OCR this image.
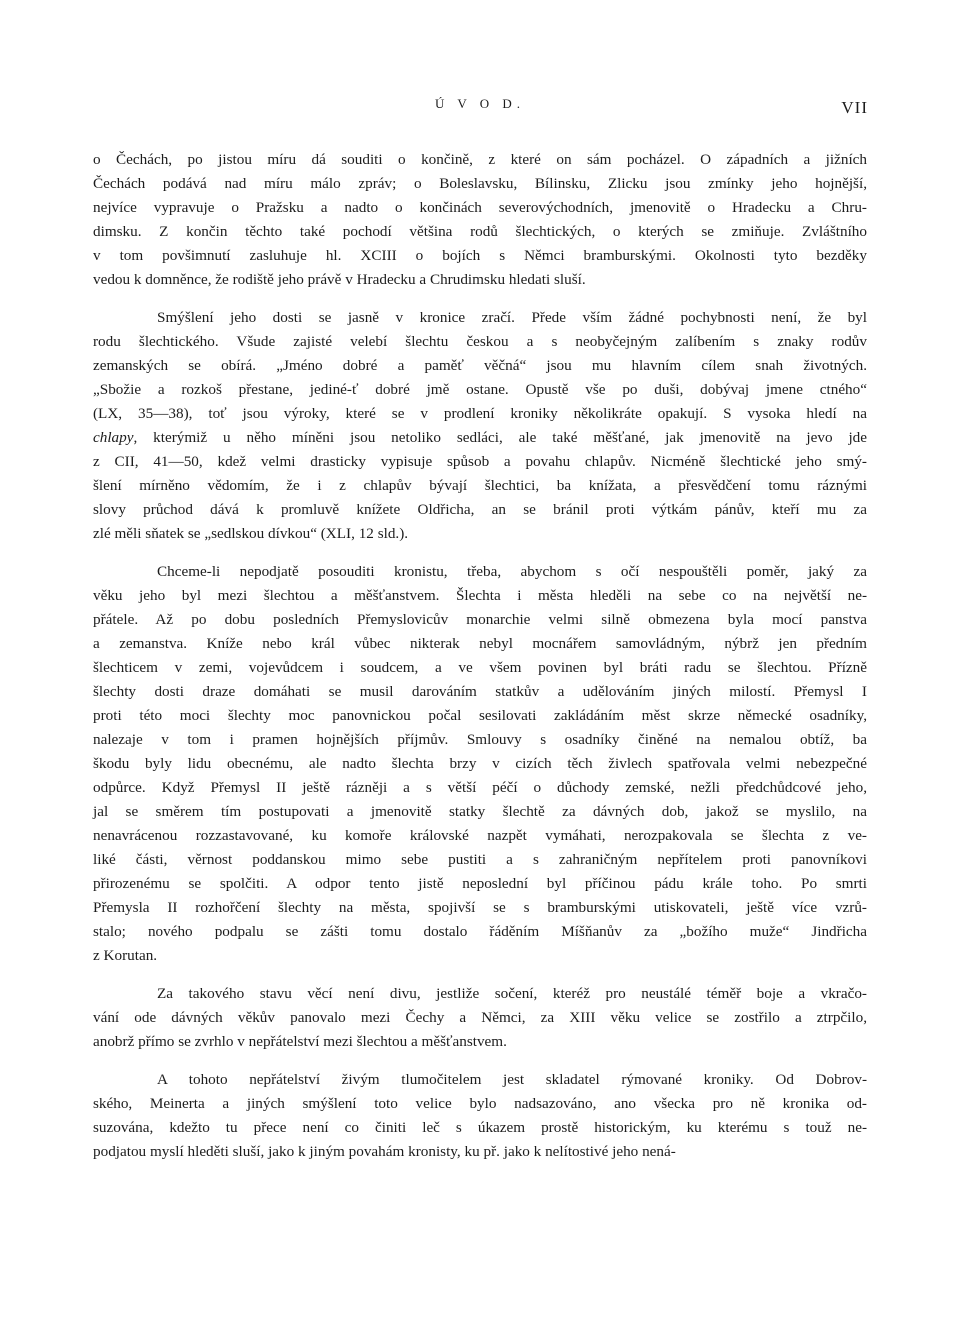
Ú V O D.	VII
o Čechách, po jistou míru dá souditi o končině, z které on sám pocházel. O západních a jižních
Čechách podává nad míru málo zpráv; o Boleslavsku, Bílinsku, Zlicku jsou zmínky jeho hojnější,
nejvíce vypravuje o Pražsku a nadto o končinách severovýchodních, jmenovitě o Hradecku a Chru-
dimsku. Z končin těchto také pochodí většina rodů šlechtických, o kterých se zmiňuje. Zvláštního
v tom povšimnutí zasluhuje hl. XCIII o bojích s Němci bramburskými. Okolnosti tyto bezděky
vedou k domněnce, že rodiště jeho právě v Hradecku a Chrudimsku hledati sluší.
Smýšlení jeho dosti se jasně v kronice zračí. Přede vším žádné pochybnosti není, že byl
rodu šlechtického. Všude zajisté velebí šlechtu českou a s neobyčejným zalíbením s znaky rodův
zemanských se obírá. „Jméno dobré a paměť věčná“ jsou mu hlavním cílem snah životných.
„Sbožie a rozkoš přestane, jediné-ť dobré jmě ostane. Opustě vše po duši, dobývaj jmene ctného“
(LX, 35—38), toť jsou výroky, které se v prodlení kroniky několikráte opakují. S vysoka hledí na
chlapy, kterýmiž u něho míněni jsou netoliko sedláci, ale také měšťané, jak jmenovitě na jevo jde
z CII, 41—50, kdež velmi drasticky vypisuje spůsob a povahu chlapův. Nicméně šlechtické jeho smý-
šlení mírněno vědomím, že i z chlapův bývají šlechtici, ba knížata, a přesvědčení tomu ráznými
slovy průchod dává k promluvě knížete Oldřicha, an se bránil proti výtkám pánův, kteří mu za
zlé měli sňatek se „sedlskou dívkou“ (XLI, 12 sld.).
Chceme-li nepodjatě posouditi kronistu, třeba, abychom s očí nespouštěli poměr, jaký za
věku jeho byl mezi šlechtou a měšťanstvem. Šlechta i města hleděli na sebe co na největší ne-
přátele. Až po dobu posledních Přemyslovicův monarchie velmi silně obmezena byla mocí panstva
a zemanstva. Kníže nebo král vůbec nikterak nebyl mocnářem samovládným, nýbrž jen předním
šlechticem v zemi, vojevůdcem i soudcem, a ve všem povinen byl bráti radu se šlechtou. Přízně
šlechty dosti draze domáhati se musil darováním statkův a udělováním jiných milostí. Přemysl I
proti této moci šlechty moc panovnickou počal sesilovati zakládáním měst skrze německé osadníky,
nalezaje v tom i pramen hojnějších příjmův. Smlouvy s osadníky činěné na nemalou obtíž, ba
škodu byly lidu obecnému, ale nadto šlechta brzy v cizích těch živlech spatřovala velmi nebezpečné
odpůrce. Když Přemysl II ještě rázněji a s větší péčí o důchody zemské, nežli předchůdcové jeho,
jal se směrem tím postupovati a jmenovitě statky šlechtě za dávných dob, jakož se myslilo, na
nenavrácenou rozzastavované, ku komoře královské nazpět vymáhati, nerozpakovala se šlechta z ve-
liké části, věrnost poddanskou mimo sebe pustiti a s zahraničným nepřítelem proti panovníkovi
přirozenému se spolčiti. A odpor tento jistě neposlední byl příčinou pádu krále toho. Po smrti
Přemysla II rozhořčení šlechty na města, spojivší se s bramburskými utiskovateli, ještě více vzrů-
stalo; nového podpalu se zášti tomu dostalo řáděním Míšňanův za „božího muže“ Jindřicha
z Korutan.
Za takového stavu věcí není divu, jestliže sočení, kteréž pro neustálé téměř boje a vkračo-
vání ode dávných věkův panovalo mezi Čechy a Němci, za XIII věku velice se zostřilo a ztrpčilo,
anobrž přímo se zvrhlo v nepřátelství mezi šlechtou a měšťanstvem.
A tohoto nepřátelství živým tlumočitelem jest skladatel rýmované kroniky. Od Dobrov-
ského, Meinerta a jiných smýšlení toto velice bylo nadsazováno, ano všecka pro ně kronika od-
suzována, kdežto tu přece není co činiti leč s úkazem prostě historickým, ku kterému s touž ne-
podjatou myslí hleděti sluší, jako k jiným povahám kronisty, ku př. jako k nelítostivé jeho nená-
